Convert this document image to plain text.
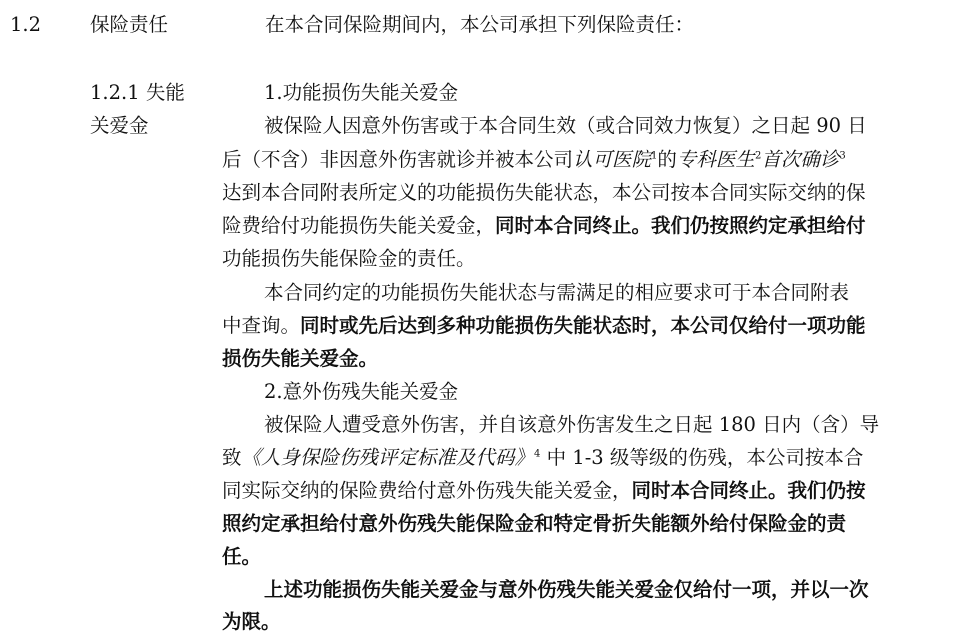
1.2	保险责任	在本合同保险期间内，本公司承担下列保险责任：
1.2.1 失能
关爱金
1.功能损伤失能关爱金
被保险人因意外伤害或于本合同生效（或合同效力恢复）之日起 90 日
后（不含）非因意外伤害就诊并被本公司认可医院$^1$的专科医生$^2$首次确诊$^3$
达到本合同附表所定义的功能损伤失能状态，本公司按本合同实际交纳的保
险费给付功能损伤失能关爱金，同时本合同终止。我们仍按照约定承担给付
功能损伤失能保险金的责任。
本合同约定的功能损伤失能状态与需满足的相应要求可于本合同附表
中查询。同时或先后达到多种功能损伤失能状态时，本公司仅给付一项功能
损伤失能关爱金。
2.意外伤残失能关爱金
被保险人遭受意外伤害，并自该意外伤害发生之日起 180 日内（含）导
致《人身保险伤残评定标准及代码》$^4$ 中 1-3 级等级的伤残，本公司按本合
同实际交纳的保险费给付意外伤残失能关爱金，同时本合同终止。我们仍按
照约定承担给付意外伤残失能保险金和特定骨折失能额外给付保险金的责
任。
上述功能损伤失能关爱金与意外伤残失能关爱金仅给付一项，并以一次
为限。
